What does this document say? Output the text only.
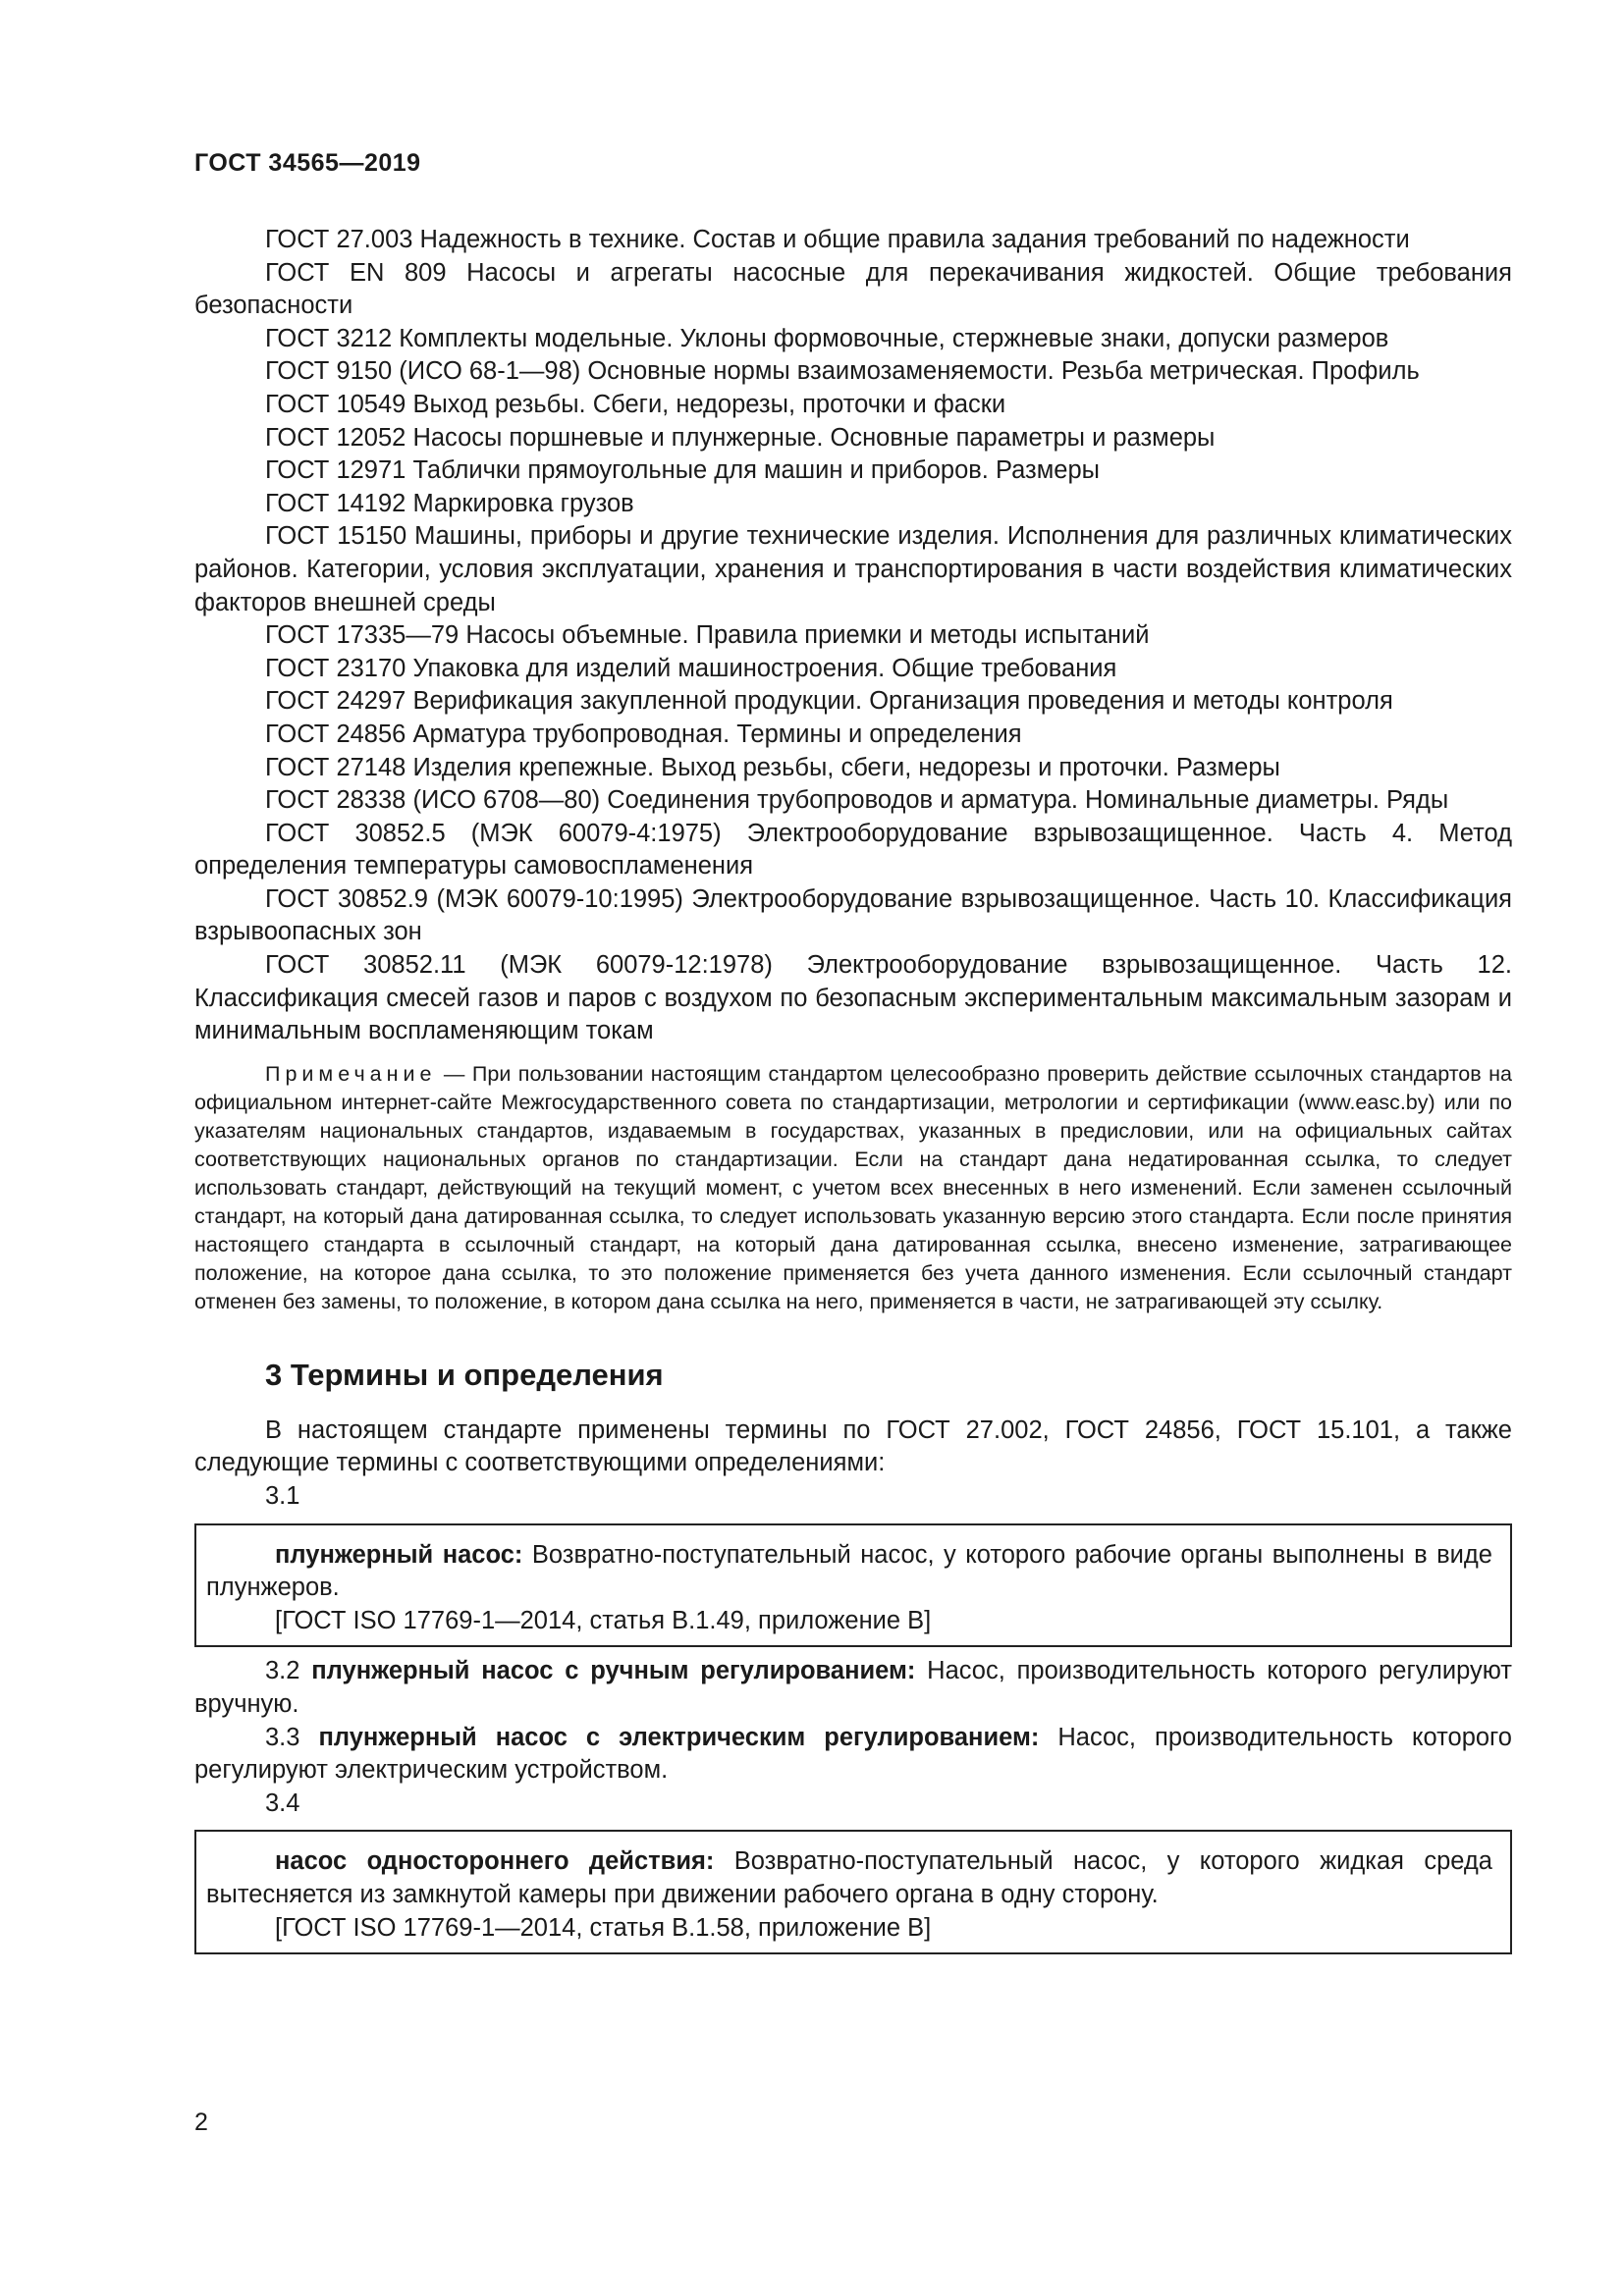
ГОСТ 34565—2019

ГОСТ 27.003 Надежность в технике. Состав и общие правила задания требований по надежности

ГОСТ EN 809 Насосы и агрегаты насосные для перекачивания жидкостей. Общие требования безопасности

ГОСТ 3212 Комплекты модельные. Уклоны формовочные, стержневые знаки, допуски размеров

ГОСТ 9150 (ИСО 68-1—98) Основные нормы взаимозаменяемости. Резьба метрическая. Профиль

ГОСТ 10549 Выход резьбы. Сбеги, недорезы, проточки и фаски

ГОСТ 12052 Насосы поршневые и плунжерные. Основные параметры и размеры

ГОСТ 12971 Таблички прямоугольные для машин и приборов. Размеры

ГОСТ 14192 Маркировка грузов

ГОСТ 15150 Машины, приборы и другие технические изделия. Исполнения для различных климатических районов. Категории, условия эксплуатации, хранения и транспортирования в части воздействия климатических факторов внешней среды

ГОСТ 17335—79 Насосы объемные. Правила приемки и методы испытаний

ГОСТ 23170 Упаковка для изделий машиностроения. Общие требования

ГОСТ 24297 Верификация закупленной продукции. Организация проведения и методы контроля

ГОСТ 24856 Арматура трубопроводная. Термины и определения

ГОСТ 27148 Изделия крепежные. Выход резьбы, сбеги, недорезы и проточки. Размеры

ГОСТ 28338 (ИСО 6708—80) Соединения трубопроводов и арматура. Номинальные диаметры. Ряды

ГОСТ 30852.5 (МЭК 60079-4:1975) Электрооборудование взрывозащищенное. Часть 4. Метод определения температуры самовоспламенения

ГОСТ 30852.9 (МЭК 60079-10:1995) Электрооборудование взрывозащищенное. Часть 10. Классификация взрывоопасных зон

ГОСТ 30852.11 (МЭК 60079-12:1978) Электрооборудование взрывозащищенное. Часть 12. Классификация смесей газов и паров с воздухом по безопасным экспериментальным максимальным зазорам и минимальным воспламеняющим токам

Примечание — При пользовании настоящим стандартом целесообразно проверить действие ссылочных стандартов на официальном интернет-сайте Межгосударственного совета по стандартизации, метрологии и сертификации (www.easc.by) или по указателям национальных стандартов, издаваемым в государствах, указанных в предисловии, или на официальных сайтах соответствующих национальных органов по стандартизации. Если на стандарт дана недатированная ссылка, то следует использовать стандарт, действующий на текущий момент, с учетом всех внесенных в него изменений. Если заменен ссылочный стандарт, на который дана датированная ссылка, то следует использовать указанную версию этого стандарта. Если после принятия настоящего стандарта в ссылочный стандарт, на который дана датированная ссылка, внесено изменение, затрагивающее положение, на которое дана ссылка, то это положение применяется без учета данного изменения. Если ссылочный стандарт отменен без замены, то положение, в котором дана ссылка на него, применяется в части, не затрагивающей эту ссылку.

3 Термины и определения

В настоящем стандарте применены термины по ГОСТ 27.002, ГОСТ 24856, ГОСТ 15.101, а также следующие термины с соответствующими определениями:

3.1

плунжерный насос: Возвратно-поступательный насос, у которого рабочие органы выполнены в виде плунжеров.

[ГОСТ ISO 17769-1—2014, статья B.1.49, приложение B]

3.2 плунжерный насос с ручным регулированием: Насос, производительность которого регулируют вручную.

3.3 плунжерный насос с электрическим регулированием: Насос, производительность которого регулируют электрическим устройством.

3.4

насос одностороннего действия: Возвратно-поступательный насос, у которого жидкая среда вытесняется из замкнутой камеры при движении рабочего органа в одну сторону.

[ГОСТ ISO 17769-1—2014, статья B.1.58, приложение B]

2
